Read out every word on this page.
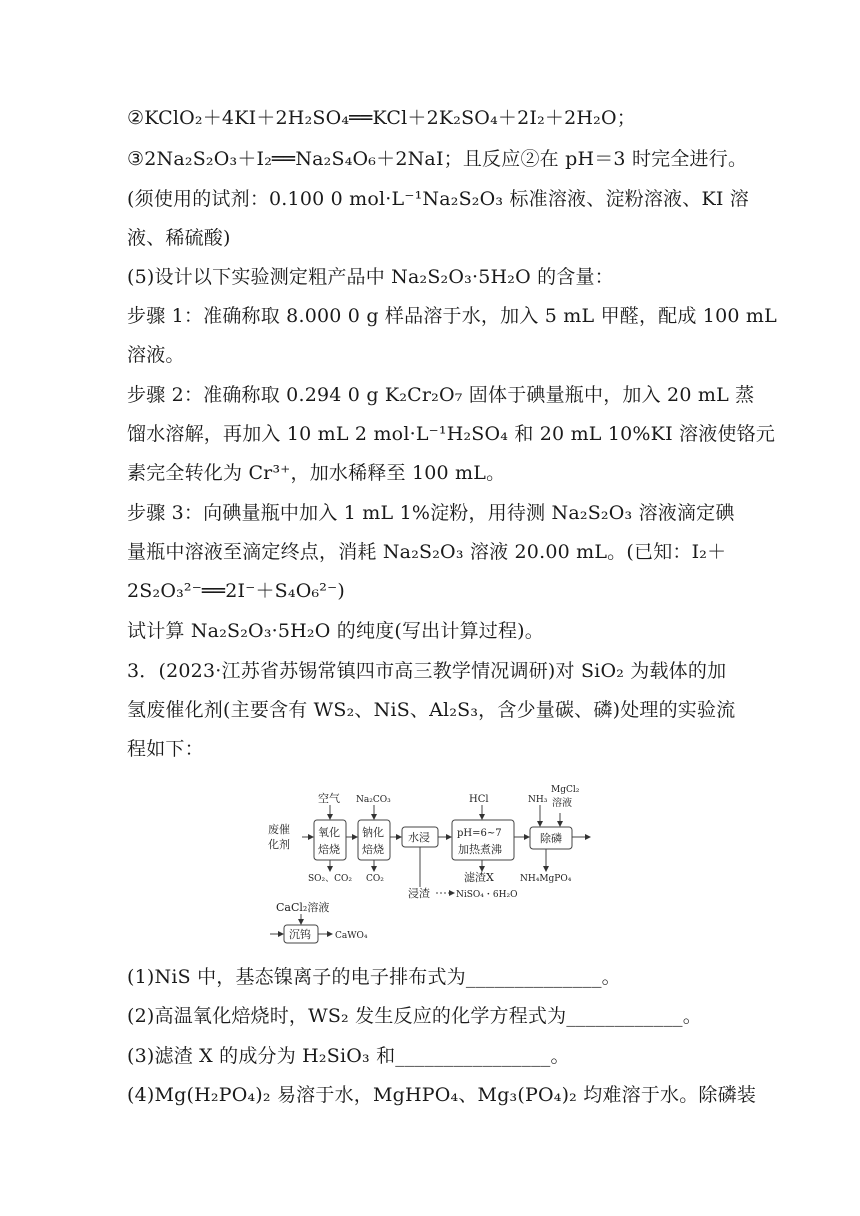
②KClO₂＋4KI＋2H₂SO₄══KCl＋2K₂SO₄＋2I₂＋2H₂O；
③2Na₂S₂O₃＋I₂══Na₂S₄O₆＋2NaI；且反应②在 pH＝3 时完全进行。
(须使用的试剂：0.100 0 mol·L⁻¹Na₂S₂O₃ 标准溶液、淀粉溶液、KI 溶
液、稀硫酸)
(5)设计以下实验测定粗产品中 Na₂S₂O₃·5H₂O 的含量：
步骤 1：准确称取 8.000 0 g 样品溶于水，加入 5 mL 甲醛，配成 100 mL
溶液。
步骤 2：准确称取 0.294 0 g K₂Cr₂O₇ 固体于碘量瓶中，加入 20 mL 蒸
馏水溶解，再加入 10 mL 2 mol·L⁻¹H₂SO₄ 和 20 mL 10%KI 溶液使铬元
素完全转化为 Cr³⁺，加水稀释至 100 mL。
步骤 3：向碘量瓶中加入 1 mL 1%淀粉，用待测 Na₂S₂O₃ 溶液滴定碘
量瓶中溶液至滴定终点，消耗 Na₂S₂O₃ 溶液 20.00 mL。(已知：I₂＋
2S₂O₃²⁻══2I⁻＋S₄O₆²⁻)
试计算 Na₂S₂O₃·5H₂O 的纯度(写出计算过程)。
3．(2023·江苏省苏锡常镇四市高三教学情况调研)对 SiO₂ 为载体的加
氢废催化剂(主要含有 WS₂、NiS、Al₂S₃，含少量碳、磷)处理的实验流
程如下：
废催
化剂
空气 Na₂CO₃	HCl	NH₃
MgCl₂
溶液
氧化
焙烧
钠化
焙烧
水浸	pH=6~7
加热煮沸
除磷
SO₂、CO₂ CO₂	滤渣X	NH₄MgPO₄
浸渣	NiSO₄・6H₂O
CaCl₂溶液
沉钨	CaWO₄
(1)NiS 中，基态镍离子的电子排布式为______________。
(2)高温氧化焙烧时，WS₂ 发生反应的化学方程式为____________。
(3)滤渣 X 的成分为 H₂SiO₃ 和________________。
(4)Mg(H₂PO₄)₂ 易溶于水，MgHPO₄、Mg₃(PO₄)₂ 均难溶于水。除磷装
